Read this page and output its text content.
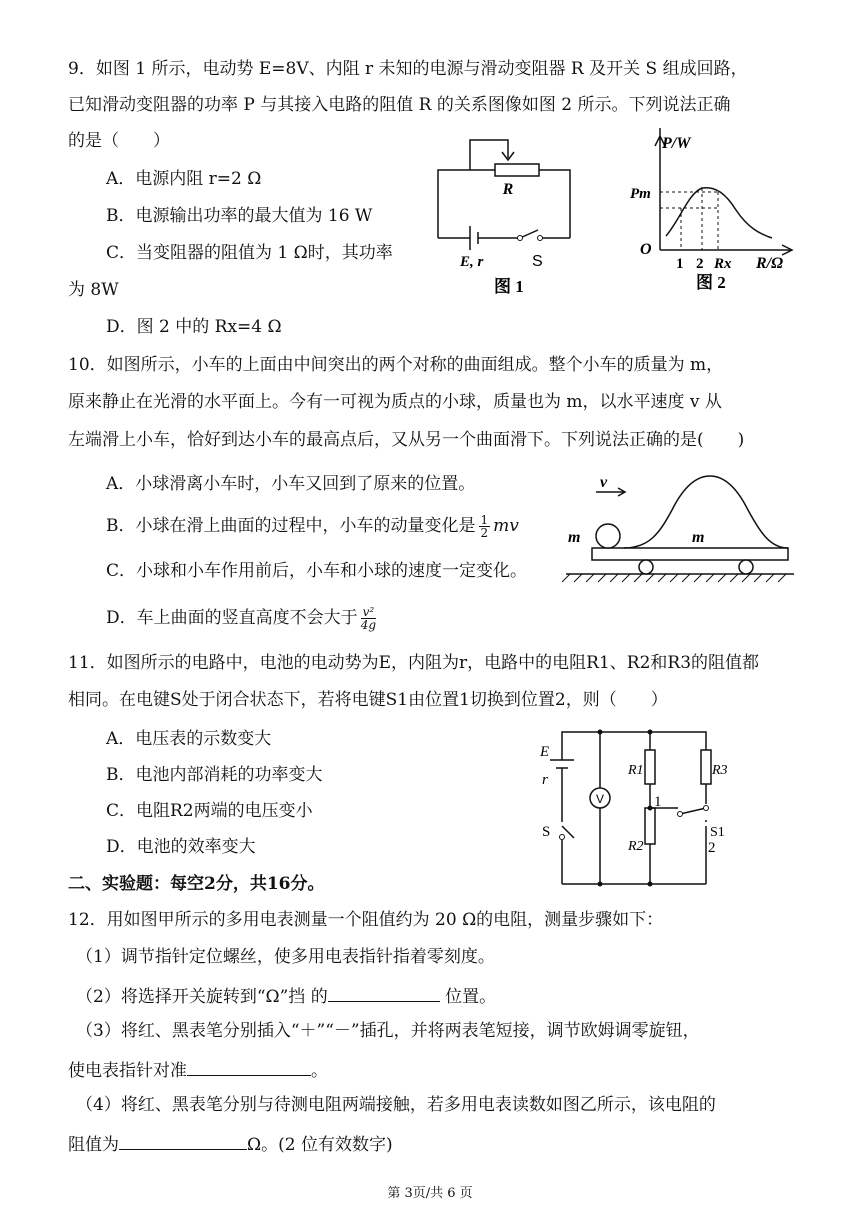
9．如图 1 所示，电动势 E=8V、内阻 r 未知的电源与滑动变阻器 R 及开关 S 组成回路，
已知滑动变阻器的功率 P 与其接入电路的阻值 R 的关系图像如图 2 所示。下列说法正确
的是（　　）
A．电源内阻 r=2 Ω
B．电源输出功率的最大值为 16 W
C．当变阻器的阻值为 1 Ω时，其功率
为 8W
D．图 2 中的 Rx=4 Ω
R
E, r	S
图 1
P/W
Pm
O
1 2 Rx R/Ω
图 2
10．如图所示，小车的上面由中间突出的两个对称的曲面组成。整个小车的质量为 m，
原来静止在光滑的水平面上。今有一可视为质点的小球，质量也为 m，以水平速度 v 从
左端滑上小车，恰好到达小车的最高点后，又从另一个曲面滑下。下列说法正确的是(　　)
A．小球滑离小车时，小车又回到了原来的位置。
B．小球在滑上曲面的过程中，小车的动量变化是 $\frac{1}{2}$ mv
C．小球和小车作用前后，小车和小球的速度一定变化。
D．车上曲面的竖直高度不会大于 $\frac{\text{v²}}{4g}$
v
m	m
11．如图所示的电路中，电池的电动势为E，内阻为r，电路中的电阻R1、R2和R3的阻值都
相同。在电键S处于闭合状态下，若将电键S1由位置1切换到位置2，则（　　）
A．电压表的示数变大
B．电池内部消耗的功率变大
C．电阻R2两端的电压变小
D．电池的效率变大
V
E
r
S
R1
R2
R3
S1
1
2
二、实验题：每空2分，共16分。
12．用如图甲所示的多用电表测量一个阻值约为 20 Ω的电阻，测量步骤如下：
（1）调节指针定位螺丝，使多用电表指针指着零刻度。
（2）将选择开关旋转到“Ω”挡 的	位置。
（3）将红、黑表笔分别插入“＋”“－”插孔，并将两表笔短接，调节欧姆调零旋钮，
使电表指针对准	。
（4）将红、黑表笔分别与待测电阻两端接触，若多用电表读数如图乙所示，该电阻的
阻值为	Ω。(2 位有效数字)
第 3页/共 6 页
